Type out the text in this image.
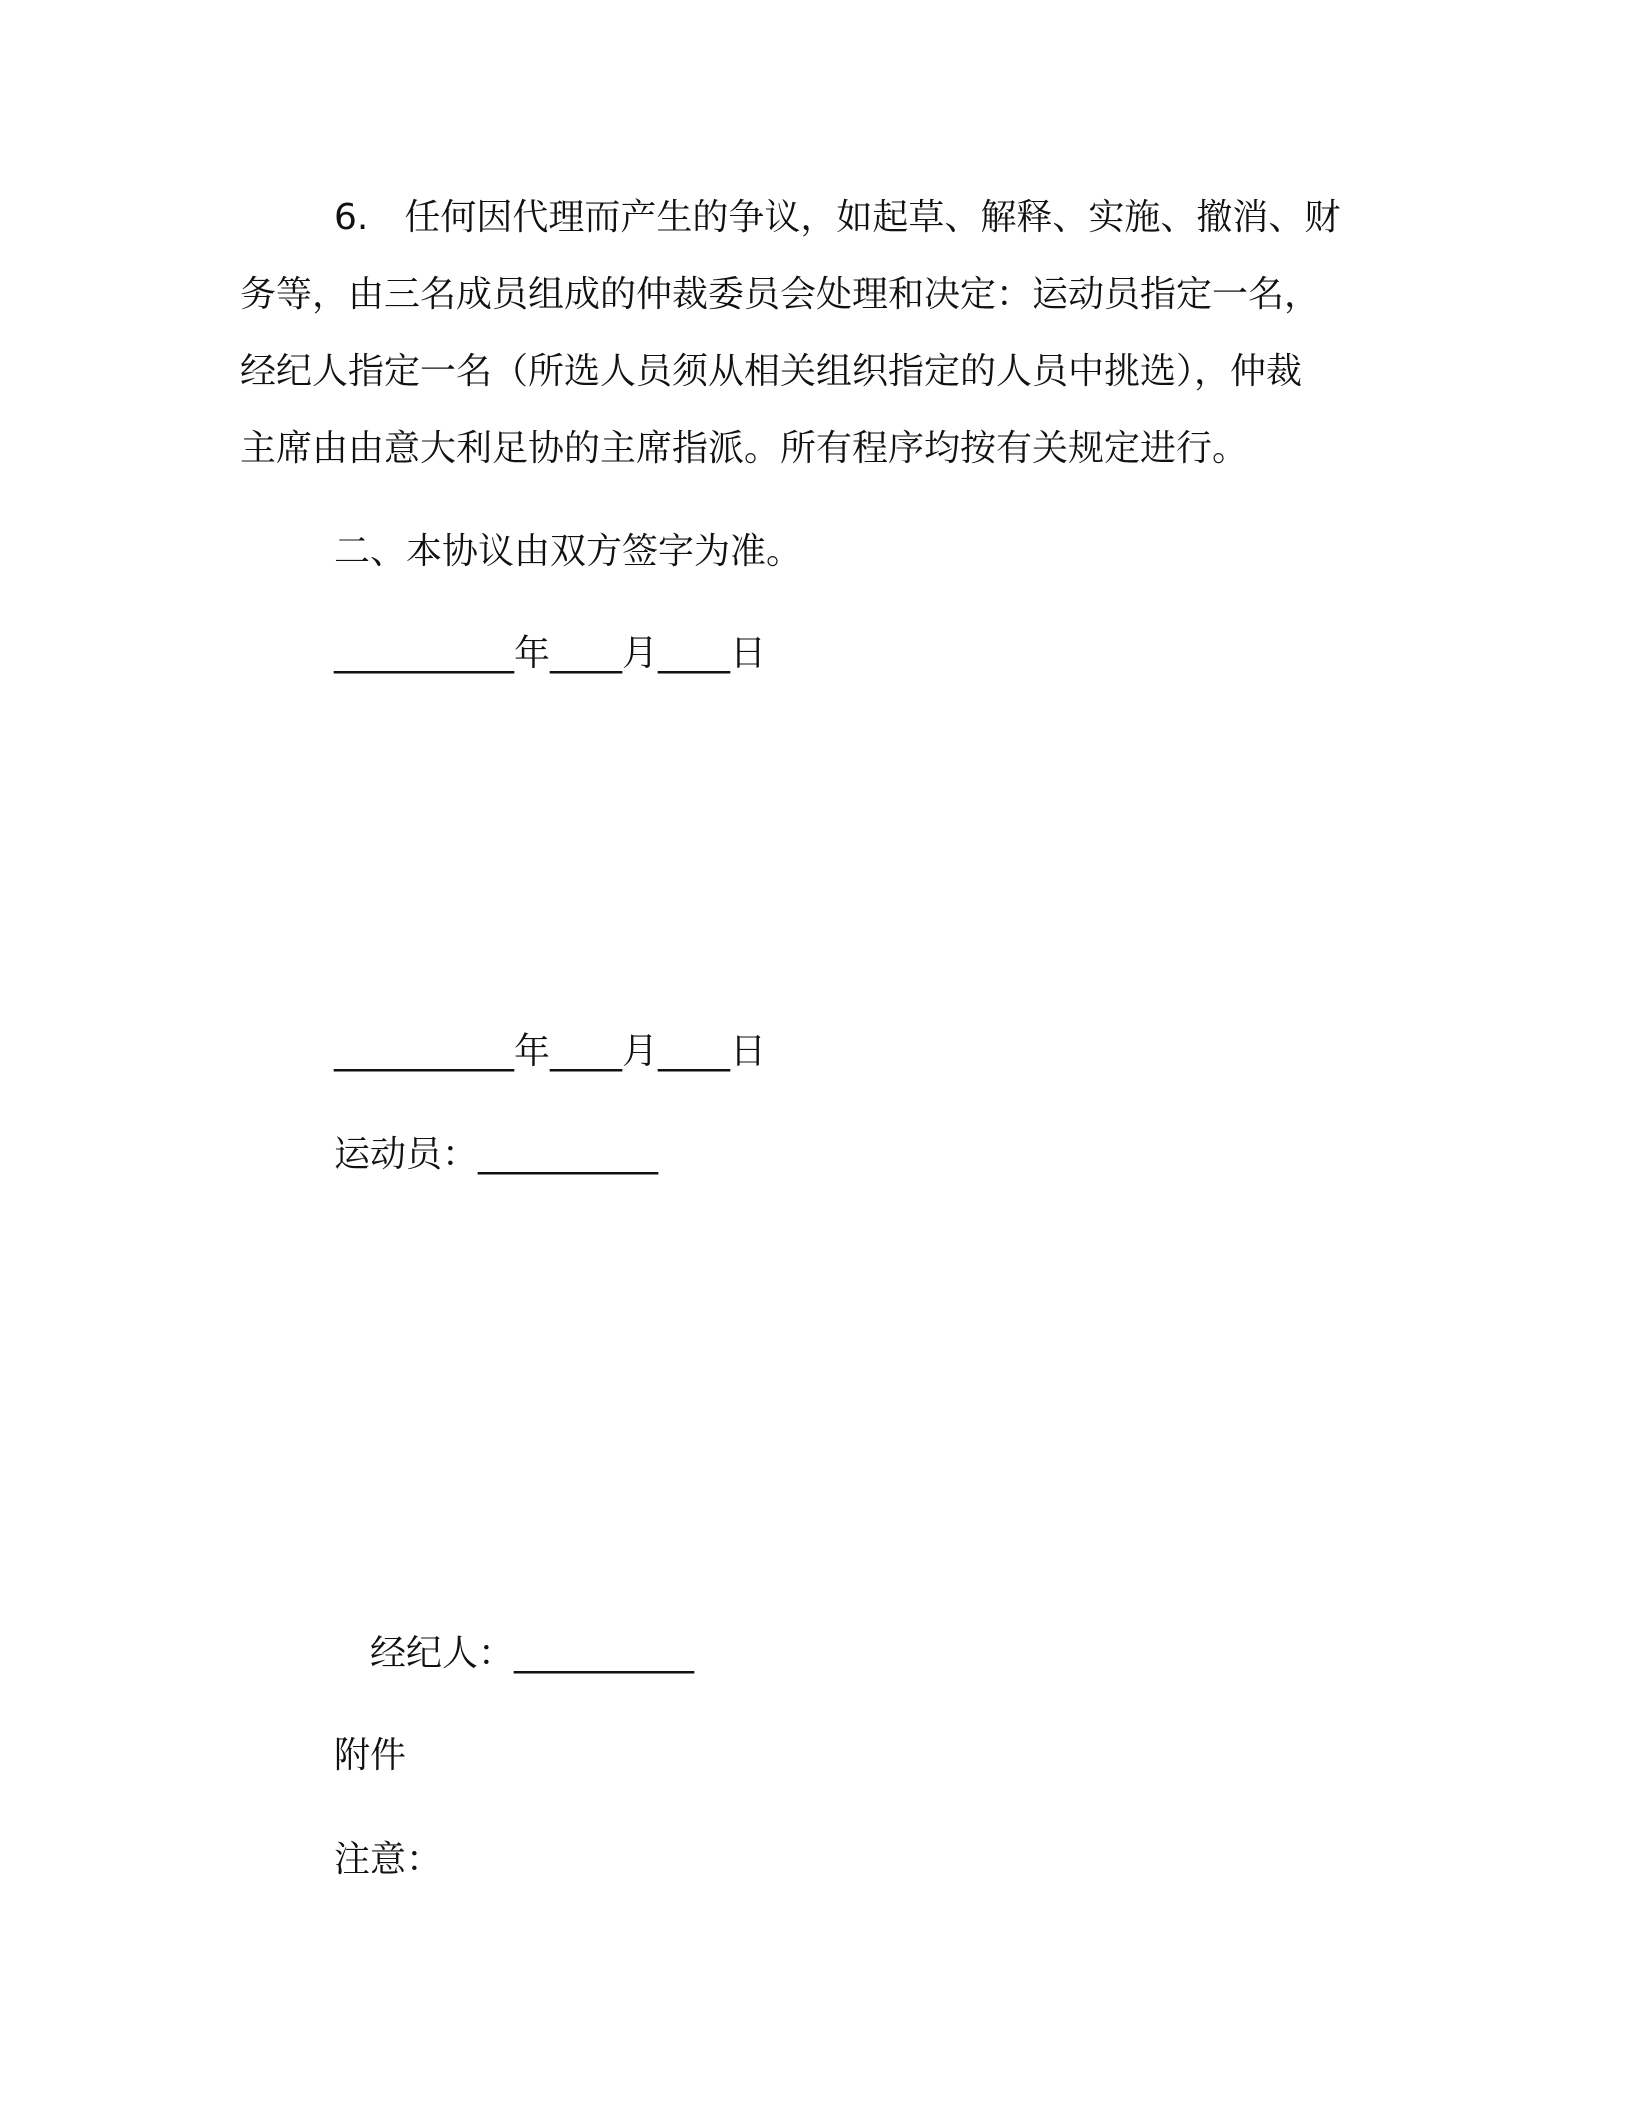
6.　任何因代理而产生的争议，如起草、解释、实施、撤消、财
务等，由三名成员组成的仲裁委员会处理和决定：运动员指定一名，
经纪人指定一名（所选人员须从相关组织指定的人员中挑选），仲裁
主席由由意大利足协的主席指派。所有程序均按有关规定进行。
二、本协议由双方签字为准。
__________年____月____日
__________年____月____日
运动员：__________
经纪人：__________
附件
注意：
